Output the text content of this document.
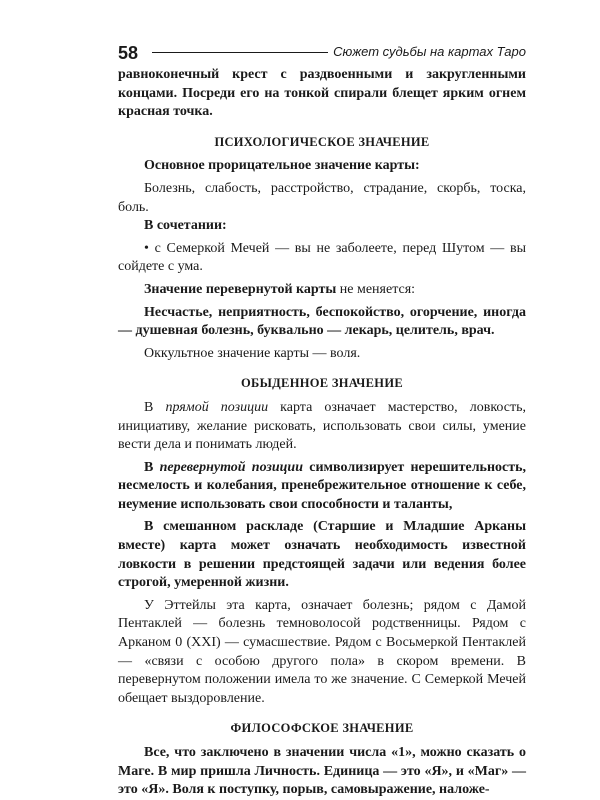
58	Сюжет судьбы на картах Таро

равноконечный крест с раздвоенными и закругленными концами. Посреди его на тонкой спирали блещет ярким огнем красная точка.

ПСИХОЛОГИЧЕСКОЕ ЗНАЧЕНИЕ

Основное прорицательное значение карты:

Болезнь, слабость, расстройство, страдание, скорбь, тоска, боль.

В сочетании:

• с Семеркой Мечей — вы не заболеете, перед Шутом — вы сойдете с ума.

Значение перевернутой карты не меняется:

Несчастье, неприятность, беспокойство, огорчение, иногда — душевная болезнь, буквально — лекарь, целитель, врач.

Оккультное значение карты — воля.

ОБЫДЕННОЕ ЗНАЧЕНИЕ

В прямой позиции карта означает мастерство, ловкость, инициативу, желание рисковать, использовать свои силы, умение вести дела и понимать людей.

В перевернутой позиции символизирует нерешительность, несмелость и колебания, пренебрежительное отношение к себе, неумение использовать свои способности и таланты,

В смешанном раскладе (Старшие и Младшие Арканы вместе) карта может означать необходимость известной ловкости в решении предстоящей задачи или ведения более строгой, умеренной жизни.

У Эттейлы эта карта, означает болезнь; рядом с Дамой Пентаклей — болезнь темноволосой родственницы. Рядом с Арканом 0 (XXI) — сумасшествие. Рядом с Восьмеркой Пентаклей — «связи с особою другого пола» в скором времени. В перевернутом положении имела то же значение. С Семеркой Мечей обещает выздоровление.

ФИЛОСОФСКОЕ ЗНАЧЕНИЕ

Все, что заключено в значении числа «1», можно сказать о Маге. В мир пришла Личность. Единица — это «Я», и «Маг» — это «Я». Воля к поступку, порыв, самовыражение, наложе-
